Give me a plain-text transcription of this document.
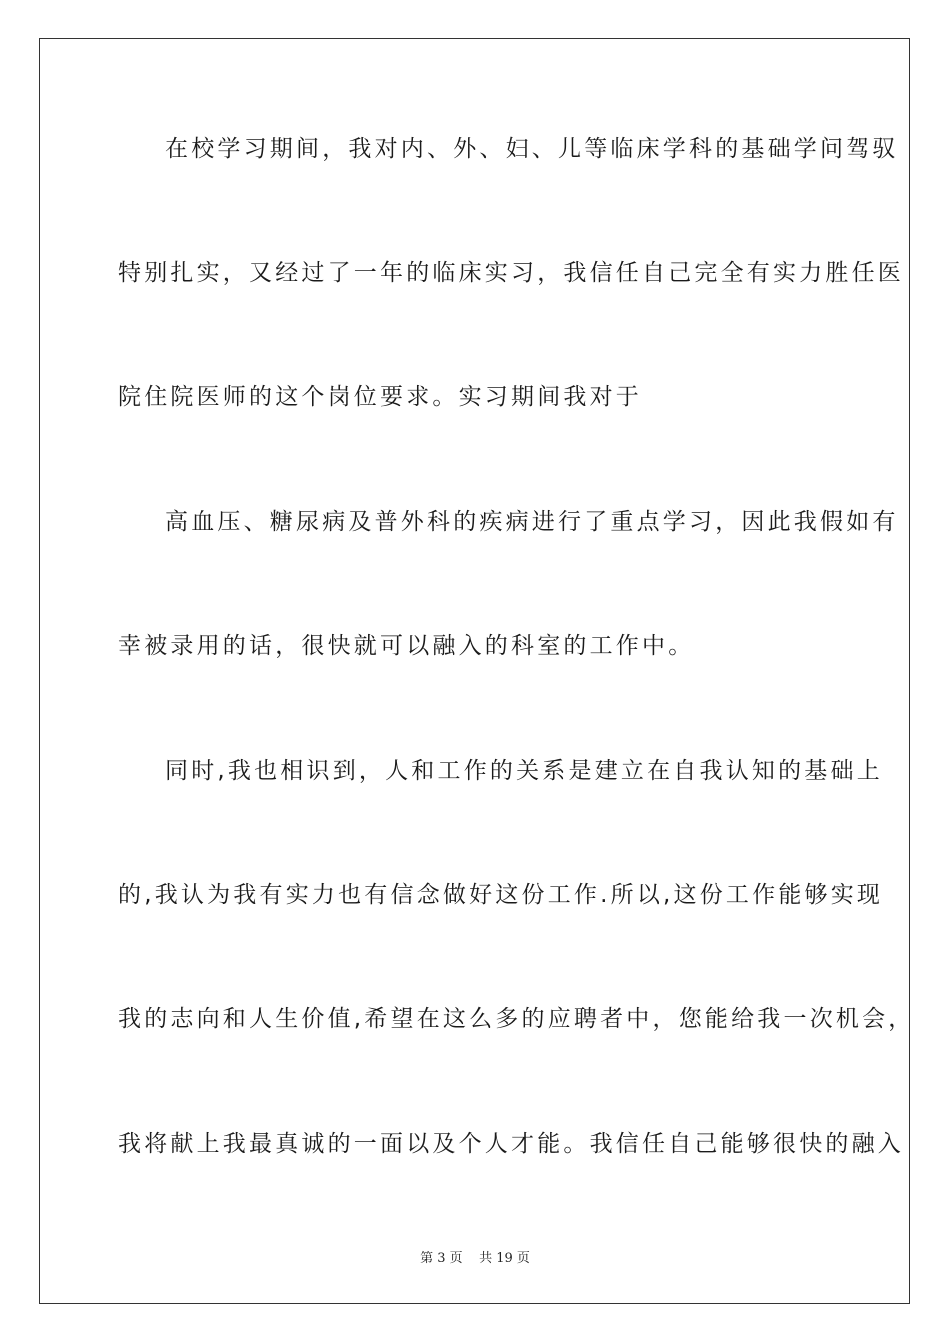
在校学习期间，我对内、外、妇、儿等临床学科的基础学问驾驭
特别扎实，又经过了一年的临床实习，我信任自己完全有实力胜任医
院住院医师的这个岗位要求。实习期间我对于
高血压、糖尿病及普外科的疾病进行了重点学习，因此我假如有
幸被录用的话，很快就可以融入的科室的工作中。
同时,我也相识到，人和工作的关系是建立在自我认知的基础上
的,我认为我有实力也有信念做好这份工作.所以,这份工作能够实现
我的志向和人生价值,希望在这么多的应聘者中，您能给我一次机会，
我将献上我最真诚的一面以及个人才能。我信任自己能够很快的融入
第 3 页    共 19 页
